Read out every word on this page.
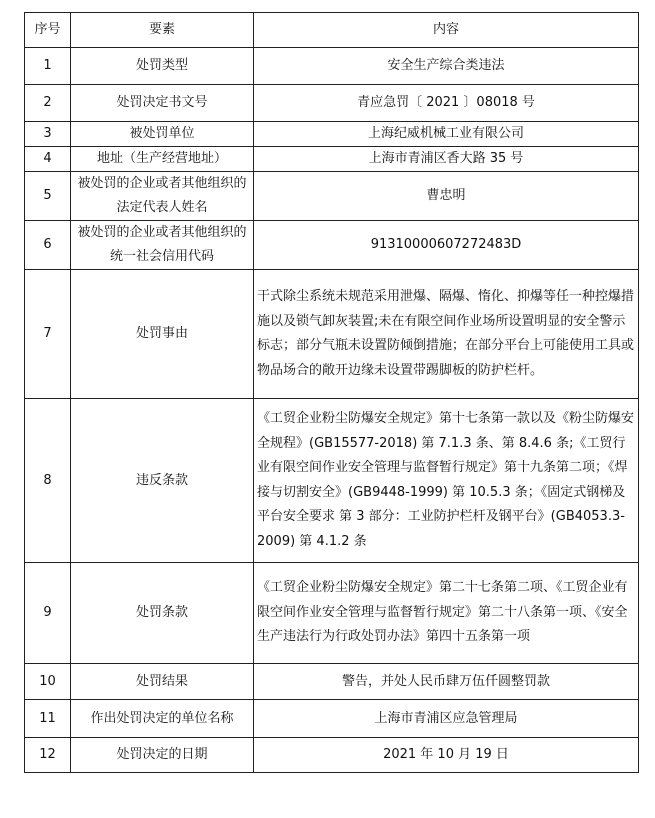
序号	要素	内容
1	处罚类型	安全生产综合类违法
2	处罚决定书文号	青应急罚〔 2021 〕08018 号
3	被处罚单位	上海纪威机械工业有限公司
4	地址（生产经营地址）	上海市青浦区香大路 35 号
5	被处罚的企业或者其他组织的法定代表人姓名	曹忠明
6	被处罚的企业或者其他组织的统一社会信用代码	91310000607272483D
7	处罚事由	干式除尘系统未规范采用泄爆、隔爆、惰化、抑爆等任一种控爆措施以及锁气卸灰装置;未在有限空间作业场所设置明显的安全警示标志；部分气瓶未设置防倾倒措施；在部分平台上可能使用工具或物品场合的敞开边缘未设置带踢脚板的防护栏杆。
8	违反条款	《工贸企业粉尘防爆安全规定》第十七条第一款以及《粉尘防爆安全规程》(GB15577-2018) 第 7.1.3 条、第 8.4.6 条;《工贸行业有限空间作业安全管理与监督暂行规定》第十九条第二项；《焊接与切割安全》(GB9448-1999) 第 10.5.3 条；《固定式钢梯及平台安全要求 第 3 部分：工业防护栏杆及钢平台》(GB4053.3-2009) 第 4.1.2 条
9	处罚条款	《工贸企业粉尘防爆安全规定》第二十七条第二项、《工贸企业有限空间作业安全管理与监督暂行规定》第二十八条第一项、《安全生产违法行为行政处罚办法》第四十五条第一项
10	处罚结果	警告，并处人民币肆万伍仟圆整罚款
11	作出处罚决定的单位名称	上海市青浦区应急管理局
12	处罚决定的日期	2021 年 10 月 19 日
